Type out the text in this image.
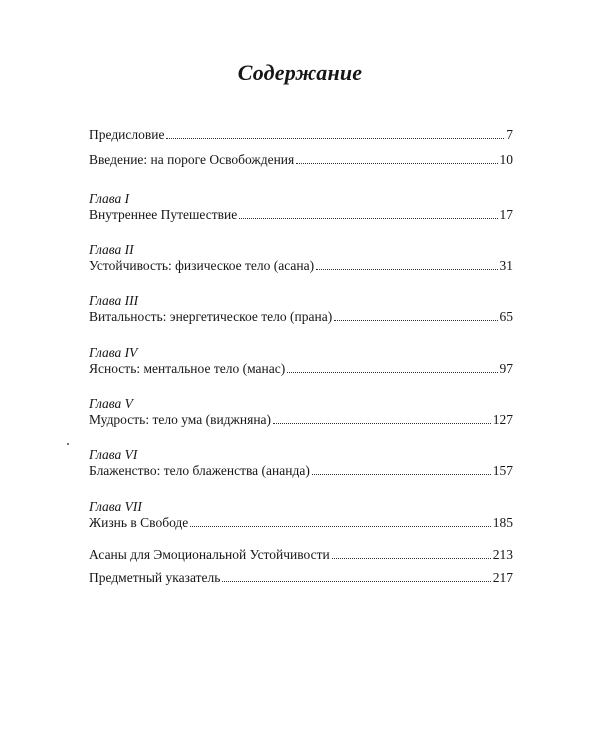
Содержание
Предисловие	7
Введение: на пороге Освобождения	10
Глава I
Внутреннее Путешествие	17
Глава II
Устойчивость: физическое тело (асана)	31
Глава III
Витальность: энергетическое тело (прана)	65
Глава IV
Ясность: ментальное тело (манас)	97
Глава V
Мудрость: тело ума (виджняна)	127
Глава VI
Блаженство: тело блаженства (ананда)	157
Глава VII
Жизнь в Свободе	185
Асаны для Эмоциональной Устойчивости	213
Предметный указатель	217
